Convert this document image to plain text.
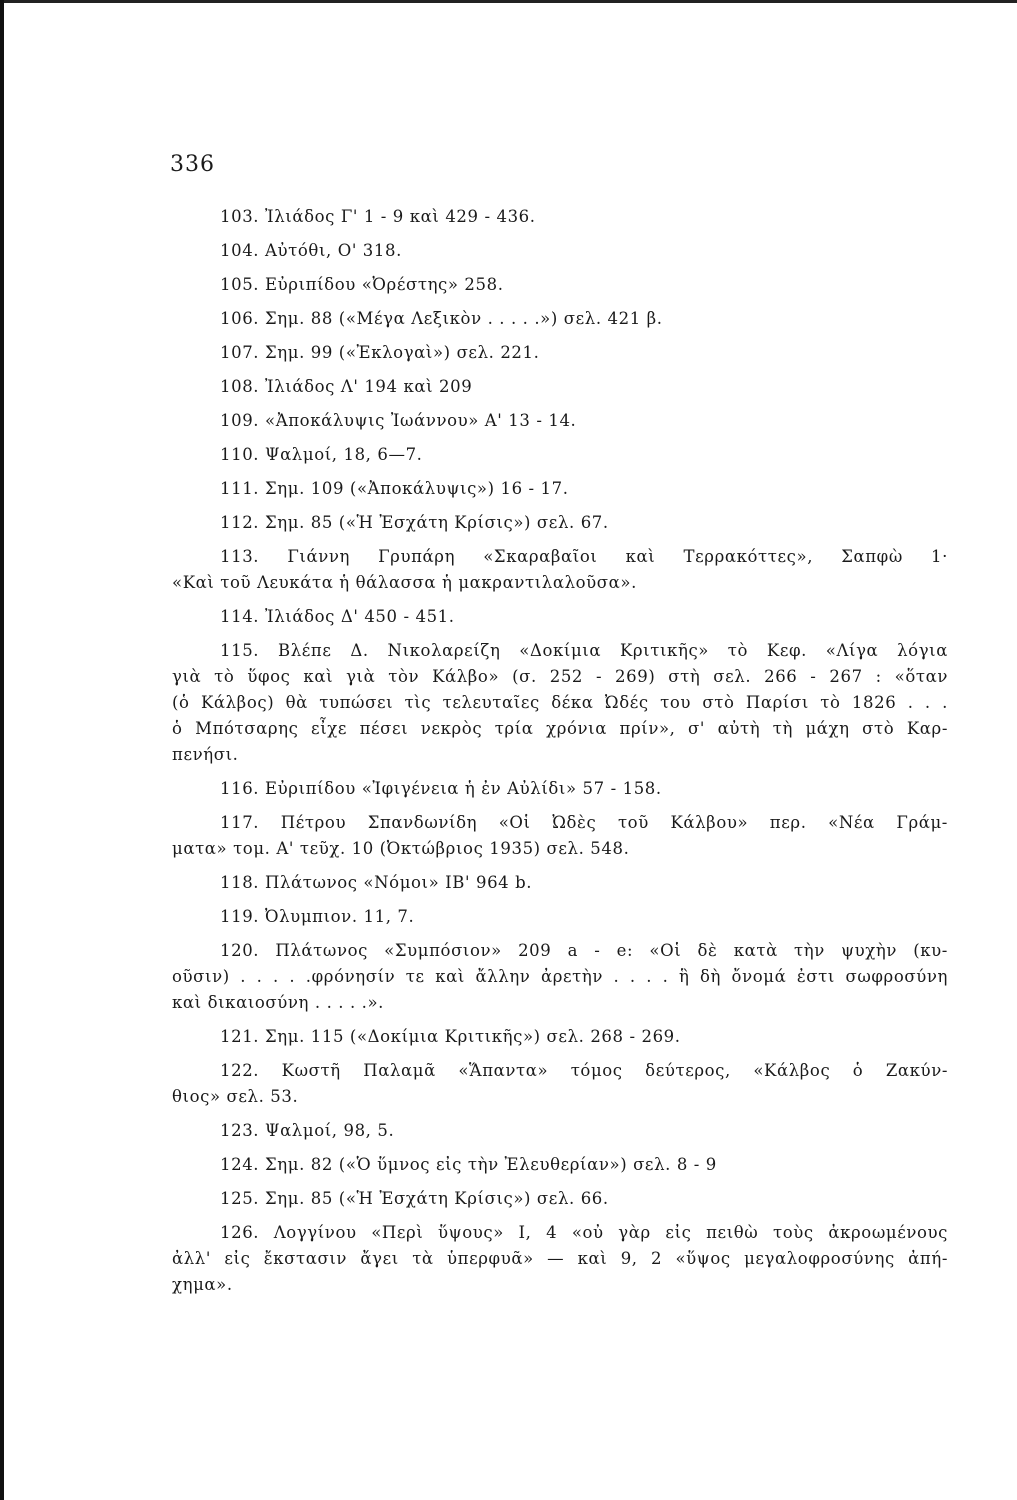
336
103. Ἰλιάδος Γ' 1 - 9 καὶ 429 - 436.
104. Αὐτόθι, Ο' 318.
105. Εὐριπίδου «Ὀρέστης» 258.
106. Σημ. 88 («Μέγα Λεξικὸν . . . . .») σελ. 421 β.
107. Σημ. 99 («Ἐκλογαὶ») σελ. 221.
108. Ἰλιάδος Λ' 194 καὶ 209
109. «Ἀποκάλυψις Ἰωάννου» Α' 13 - 14.
110. Ψαλμοί, 18, 6—7.
111. Σημ. 109 («Ἀποκάλυψις») 16 - 17.
112. Σημ. 85 («Ἡ Ἐσχάτη Κρίσις») σελ. 67.
113. Γιάννη Γρυπάρη «Σκαραβαῖοι καὶ Τερρακόττες», Σαπφὼ 1·
«Καὶ τοῦ Λευκάτα ἡ θάλασσα ἡ μακραντιλαλοῦσα».
114. Ἰλιάδος Δ' 450 - 451.
115. Βλέπε Δ. Νικολαρείζη «Δοκίμια Κριτικῆς» τὸ Κεφ. «Λίγα λόγια
γιὰ τὸ ὕφος καὶ γιὰ τὸν Κάλβο» (σ. 252 - 269) στὴ σελ. 266 - 267 : «ὅταν
(ὁ Κάλβος) θὰ τυπώσει τὶς τελευταῖες δέκα Ὠδές του στὸ Παρίσι τὸ 1826 . . .
ὁ Μπότσαρης εἶχε πέσει νεκρὸς τρία χρόνια πρίν», σ' αὐτὴ τὴ μάχη στὸ Καρ-
πενήσι.
116. Εὐριπίδου «Ἰφιγένεια ἡ ἐν Αὐλίδι» 57 - 158.
117. Πέτρου Σπανδωνίδη «Οἱ Ὠδὲς τοῦ Κάλβου» περ. «Νέα Γράμ-
ματα» τομ. Α' τεῦχ. 10 (Ὀκτώβριος 1935) σελ. 548.
118. Πλάτωνος «Νόμοι» ΙΒ' 964 b.
119. Ὀλυμπιον. 11, 7.
120. Πλάτωνος «Συμπόσιον» 209 a - e: «Οἱ δὲ κατὰ τὴν ψυχὴν (κυ-
οῦσιν) . . . . .φρόνησίν τε καὶ ἄλλην ἀρετὴν . . . . ἣ δὴ ὄνομά ἐστι σωφροσύνη
καὶ δικαιοσύνη . . . . .».
121. Σημ. 115 («Δοκίμια Κριτικῆς») σελ. 268 - 269.
122. Κωστῆ Παλαμᾶ «Ἅπαντα» τόμος δεύτερος, «Κάλβος ὁ Ζακύν-
θιος» σελ. 53.
123. Ψαλμοί, 98, 5.
124. Σημ. 82 («Ὁ ὕμνος εἰς τὴν Ἐλευθερίαν») σελ. 8 - 9
125. Σημ. 85 («Ἡ Ἐσχάτη Κρίσις») σελ. 66.
126. Λογγίνου «Περὶ ὕψους» Ι, 4 «οὐ γὰρ εἰς πειθὼ τοὺς ἀκροωμένους
ἀλλ' εἰς ἔκστασιν ἄγει τὰ ὑπερφυᾶ» — καὶ 9, 2 «ὕψος μεγαλοφροσύνης ἀπή-
χημα».
